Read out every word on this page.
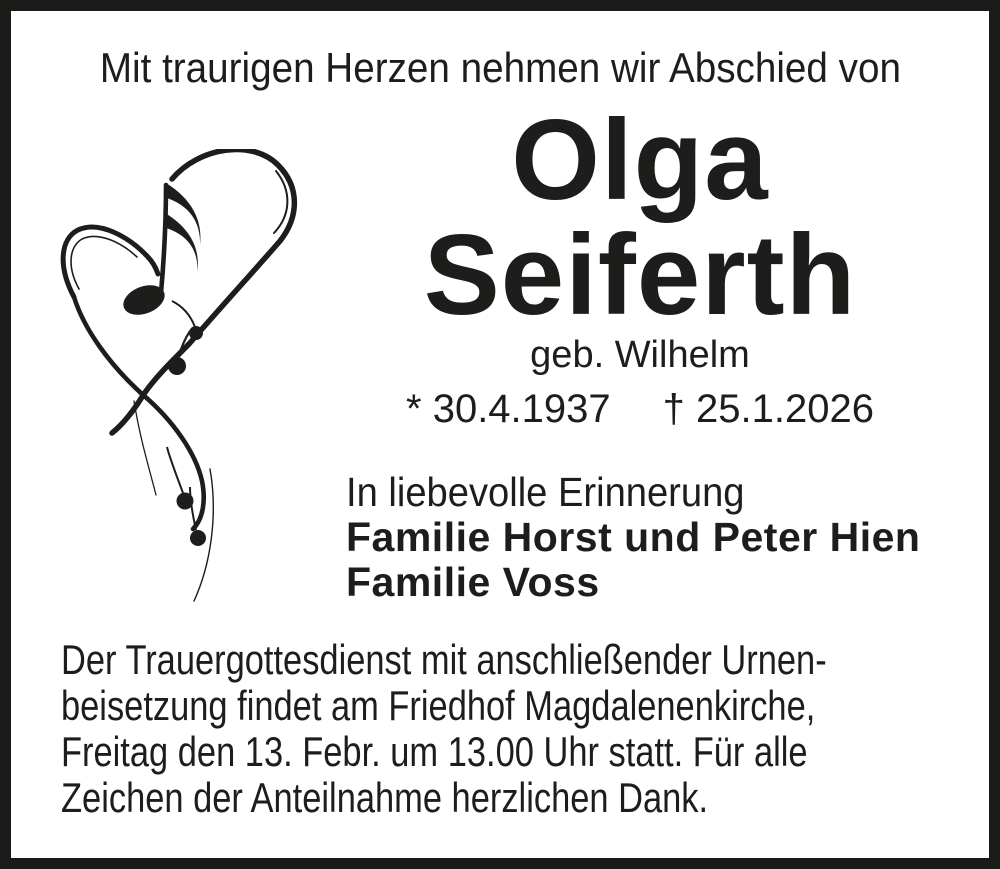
Mit traurigen Herzen nehmen wir Abschied von
Olga
Seiferth
geb. Wilhelm
* 30.4.1937 † 25.1.2026
In liebevolle Erinnerung
Familie Horst und Peter Hien
Familie Voss
Der Trauergottesdienst mit anschließender Urnen-
beisetzung findet am Friedhof Magdalenenkirche,
Freitag den 13. Febr. um 13.00 Uhr statt. Für alle
Zeichen der Anteilnahme herzlichen Dank.
